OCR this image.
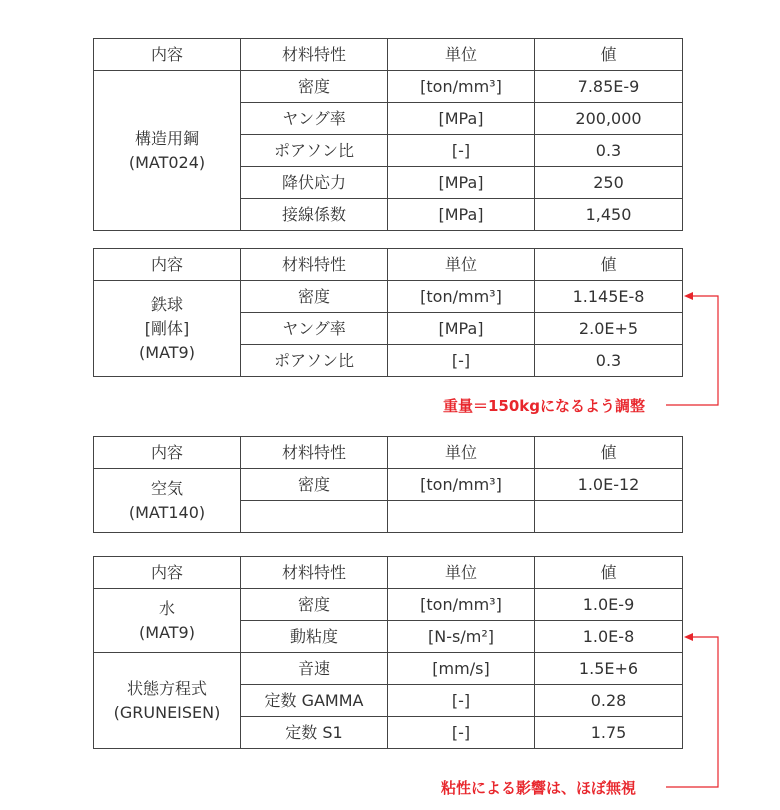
内容	材料特性	単位	値
構造用鋼
(MAT024)	密度	[ton/mm³]	7.85E-9
	ヤング率	[MPa]	200,000
	ポアソン比	[-]	0.3
	降伏応力	[MPa]	250
	接線係数	[MPa]	1,450
内容	材料特性	単位	値
鉄球
[剛体]
(MAT9)	密度	[ton/mm³]	1.145E-8
	ヤング率	[MPa]	2.0E+5
	ポアソン比	[-]	0.3
内容	材料特性	単位	値
空気
(MAT140)	密度	[ton/mm³]	1.0E-12

内容	材料特性	単位	値
水
(MAT9)	密度	[ton/mm³]	1.0E-9
	動粘度	[N-s/m²]	1.0E-8
状態方程式
(GRUNEISEN)	音速	[mm/s]	1.5E+6
	定数 GAMMA	[-]	0.28
	定数 S1	[-]	1.75
重量＝150kgになるよう調整
粘性による影響は、ほぼ無視
